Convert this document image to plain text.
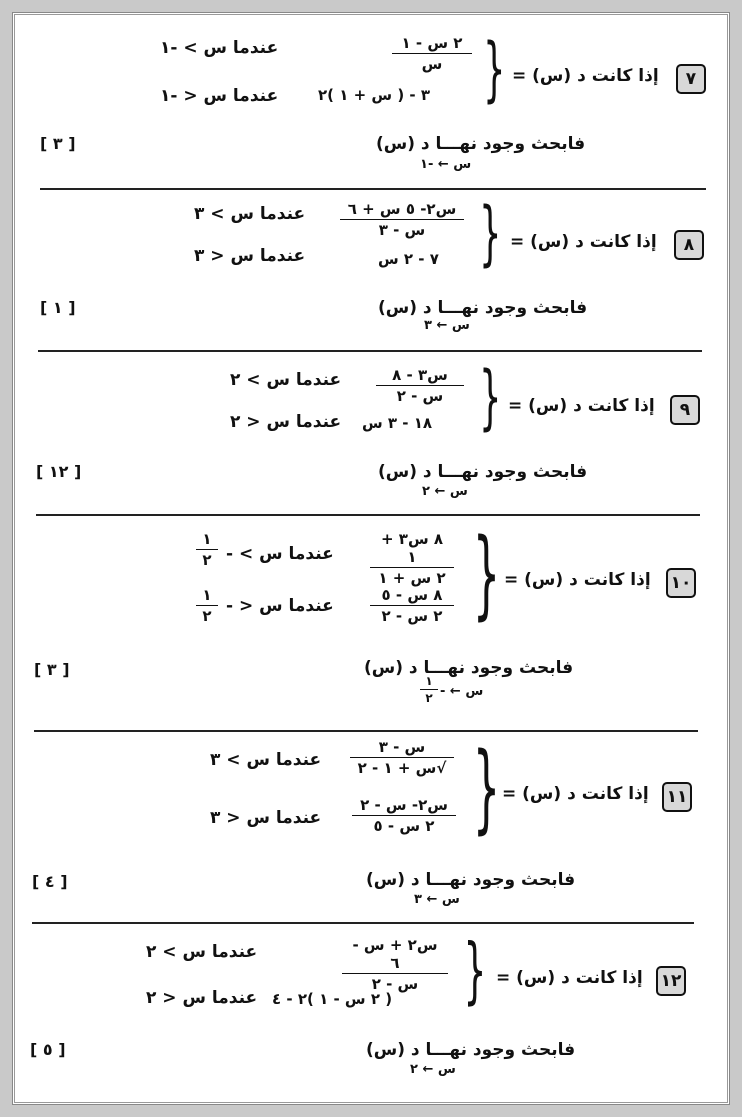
٧
إذا كانت د (س) =
}
٢ س - ١
س
عندما س > -١
٣ - ( س + ١ )٢
عندما س < -١
فابحث وجود نهـــا د (س)
س ← -١
[ ٣ ]
٨
إذا كانت د (س) =
}
س٢- ٥ س + ٦
س - ٣
عندما س > ٣
٧ - ٢ س
عندما س < ٣
فابحث وجود نهـــا د (س)
س ← ٣
[ ١ ]
٩
إذا كانت د (س) =
}
س٣ - ٨
س - ٢
عندما س > ٢
١٨ - ٣ س
عندما س < ٢
فابحث وجود نهـــا د (س)
س ← ٢
[ ١٢ ]
١٠
إذا كانت د (س) =
}
٨ س٣ + ١
٢ س + ١
عندما س > -
١
٢
٨ س - ٥
٢ س - ٢
عندما س < -
١
٢
فابحث وجود نهـــا د (س)
س ← -
١
٢
[ ٣ ]
١١
إذا كانت د (س) =
}
س - ٣
√س + ١ - ٢
عندما س > ٣
س٢- س - ٢
٢ س - ٥
عندما س < ٣
فابحث وجود نهـــا د (س)
س ← ٣
[ ٤ ]
١٢
إذا كانت د (س) =
}
س٢ + س - ٦
س - ٢
عندما س > ٢
( ٢ س - ١ )٢ - ٤
عندما س < ٢
فابحث وجود نهـــا د (س)
س ← ٢
[ ٥ ]
